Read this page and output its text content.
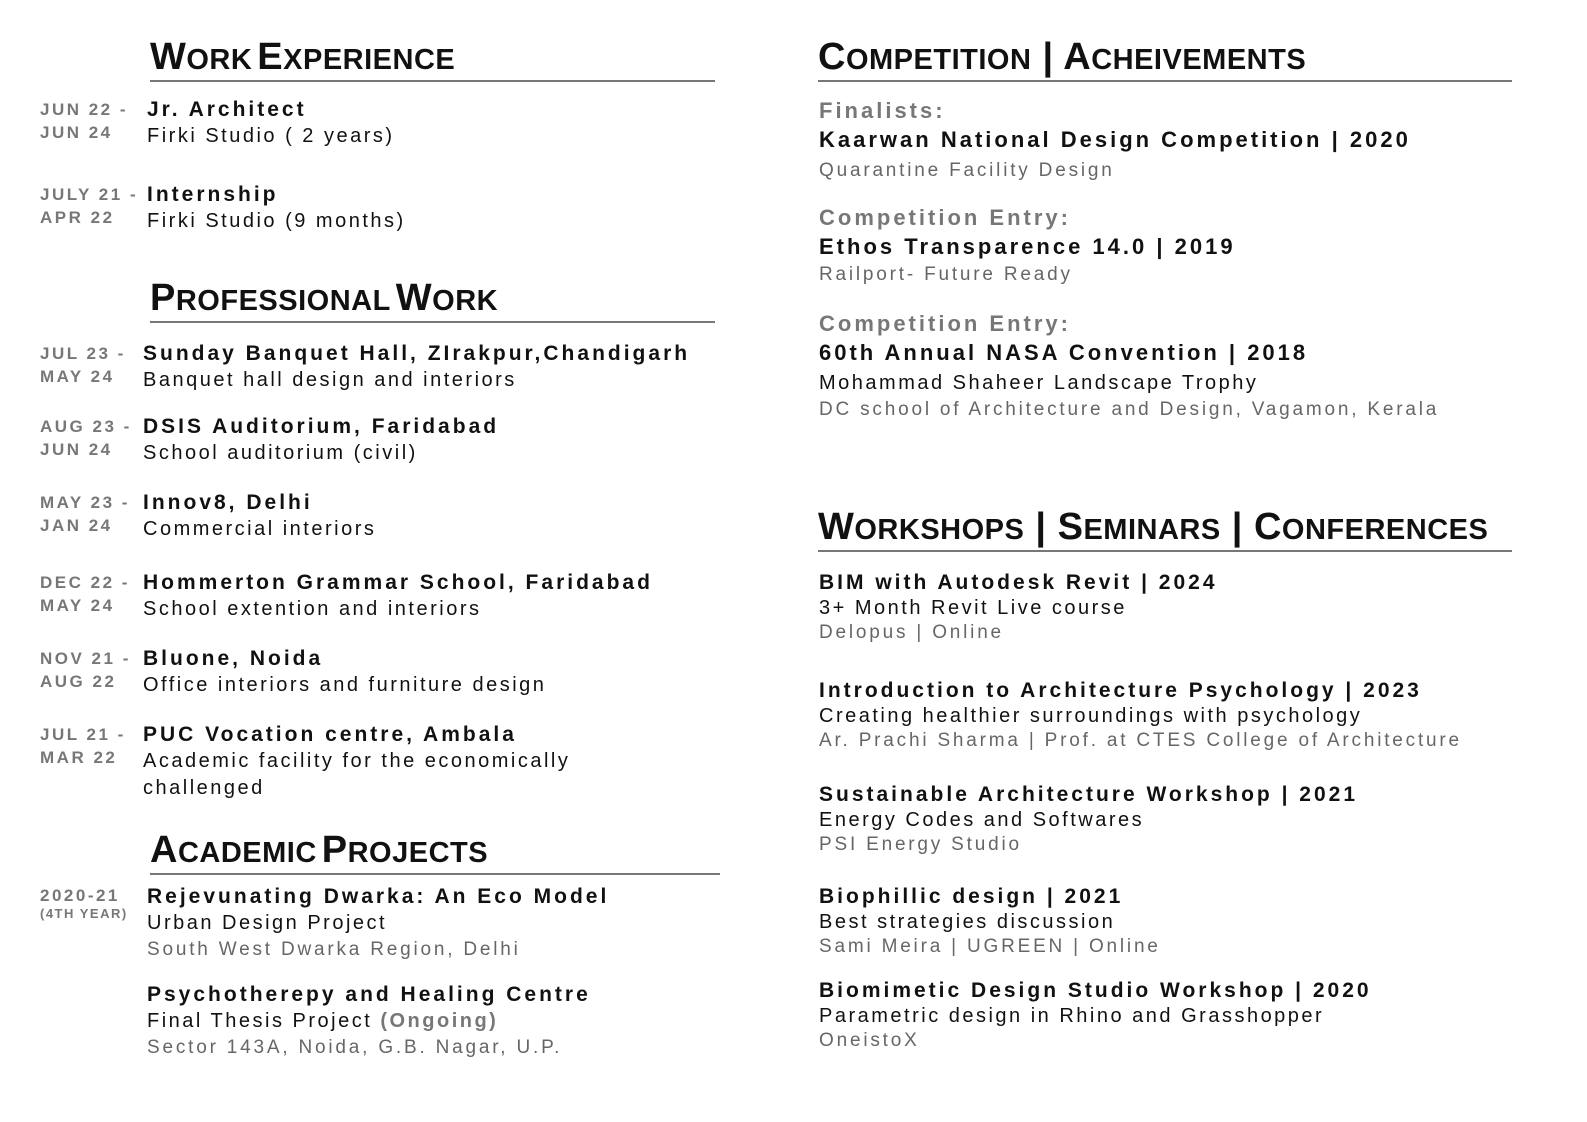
WORK EXPERIENCE
JUN 22 -
JUN 24
Jr. Architect
Firki Studio ( 2 years)
JULY 21 -
APR 22
Internship
Firki Studio (9 months)
PROFESSIONAL WORK
JUL 23 -
MAY 24
Sunday Banquet Hall, ZIrakpur,Chandigarh
Banquet hall design and interiors
AUG 23 -
JUN 24
DSIS Auditorium, Faridabad
School auditorium (civil)
MAY 23 -
JAN 24
Innov8, Delhi
Commercial interiors
DEC 22 -
MAY 24
Hommerton Grammar School, Faridabad
School extention and interiors
NOV 21 -
AUG 22
Bluone, Noida
Office interiors and furniture design
JUL 21 -
MAR 22
PUC Vocation centre, Ambala
Academic facility for the economically
challenged
ACADEMIC PROJECTS
2020-21
(4TH YEAR)
Rejevunating Dwarka: An Eco Model
Urban Design Project
South West Dwarka Region, Delhi
Psychotherepy and Healing Centre
Final Thesis Project (Ongoing)
Sector 143A, Noida, G.B. Nagar, U.P.
COMPETITION | ACHEIVEMENTS
Finalists:
Kaarwan National Design Competition | 2020
Quarantine Facility Design
Competition Entry:
Ethos Transparence 14.0 | 2019
Railport- Future Ready
Competition Entry:
60th Annual NASA Convention | 2018
Mohammad Shaheer Landscape Trophy
DC school of Architecture and Design, Vagamon, Kerala
WORKSHOPS | SEMINARS | CONFERENCES
BIM with Autodesk Revit | 2024
3+ Month Revit Live course
Delopus | Online
Introduction to Architecture Psychology | 2023
Creating healthier surroundings with psychology
Ar. Prachi Sharma | Prof. at CTES College of Architecture
Sustainable Architecture Workshop | 2021
Energy Codes and Softwares
PSI Energy Studio
Biophillic design | 2021
Best strategies discussion
Sami Meira | UGREEN | Online
Biomimetic Design Studio Workshop | 2020
Parametric design in Rhino and Grasshopper
OneistoX
